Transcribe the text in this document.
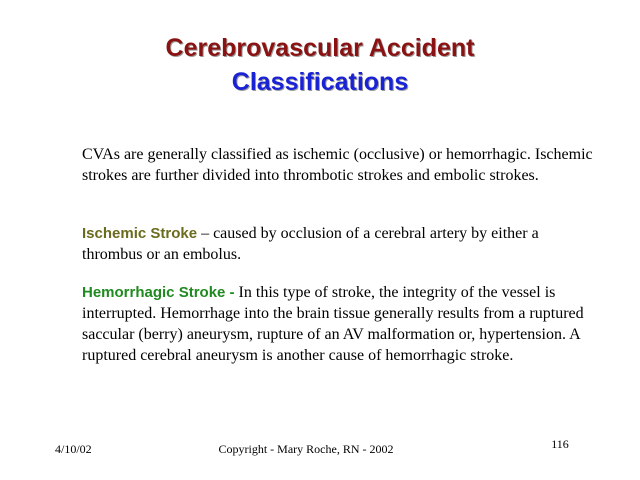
Cerebrovascular Accident
Classifications
CVAs are generally classified as ischemic (occlusive) or hemorrhagic. Ischemic strokes are further divided into thrombotic strokes and embolic strokes.
Ischemic Stroke – caused by occlusion of a cerebral artery by either a thrombus or an embolus.
Hemorrhagic Stroke - In this type of stroke, the integrity of the vessel is interrupted. Hemorrhage into the brain tissue generally results from a ruptured saccular (berry) aneurysm, rupture of an AV malformation or, hypertension. A ruptured cerebral aneurysm is another cause of hemorrhagic stroke.
4/10/02	Copyright - Mary Roche, RN - 2002	116
